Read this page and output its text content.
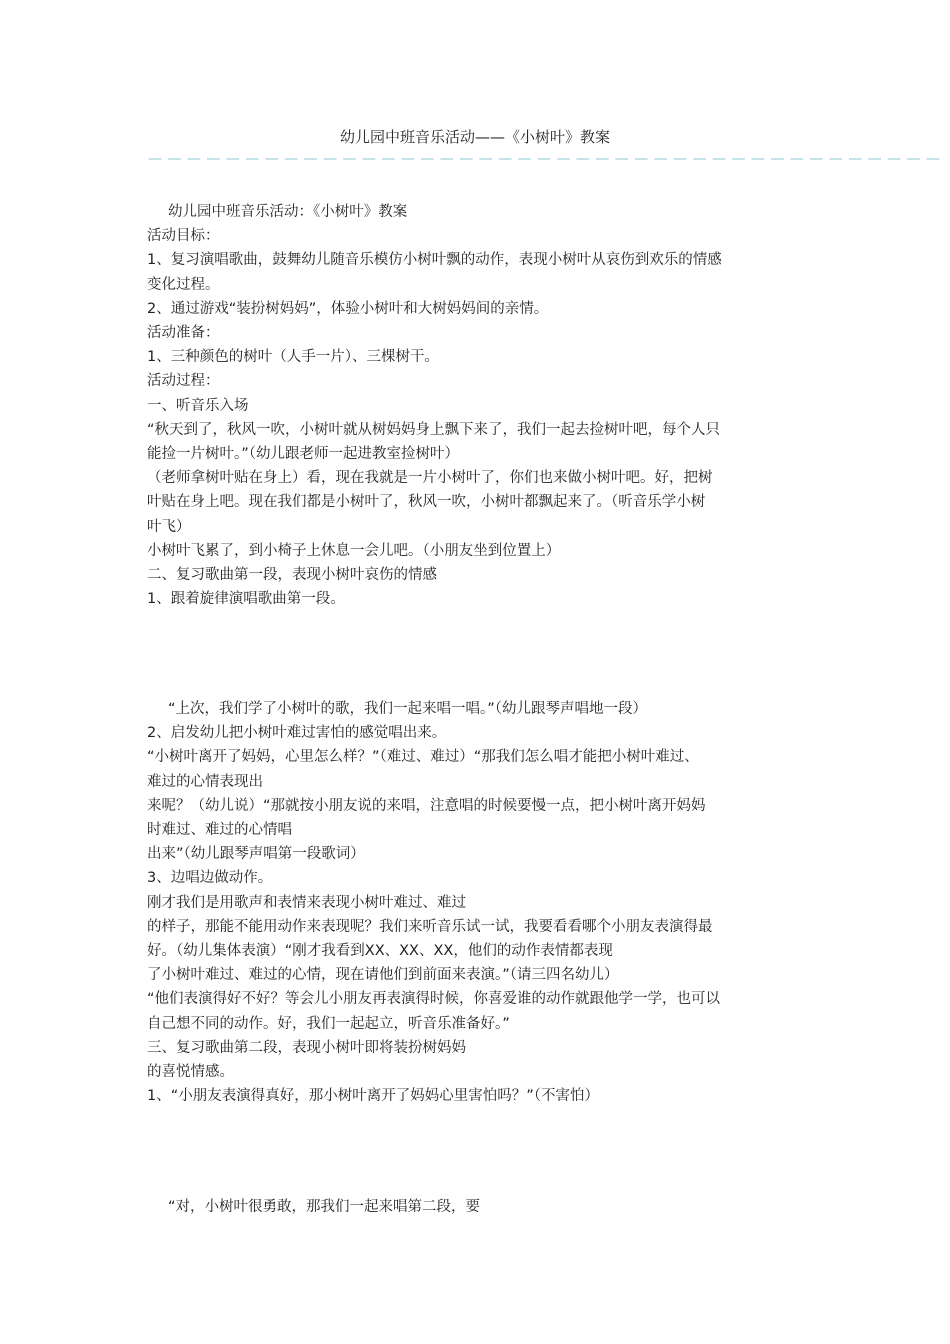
幼儿园中班音乐活动——《小树叶》教案
— — — — — — — — — — — — — — — — — — — — — — — — — — — — — — — — — — — — — — — — —
幼儿园中班音乐活动：《小树叶》教案
活动目标：
1、复习演唱歌曲，鼓舞幼儿随音乐模仿小树叶飘的动作，表现小树叶从哀伤到欢乐的情感
变化过程。
2、通过游戏“装扮树妈妈”，体验小树叶和大树妈妈间的亲情。
活动准备：
1、三种颜色的树叶（人手一片）、三棵树干。
活动过程：
一、听音乐入场
“秋天到了，秋风一吹，小树叶就从树妈妈身上飘下来了，我们一起去捡树叶吧，每个人只
能捡一片树叶。”（幼儿跟老师一起进教室捡树叶）
（老师拿树叶贴在身上）看，现在我就是一片小树叶了，你们也来做小树叶吧。好，把树
叶贴在身上吧。现在我们都是小树叶了，秋风一吹，小树叶都飘起来了。（听音乐学小树
叶飞）
小树叶飞累了，到小椅子上休息一会儿吧。（小朋友坐到位置上）
二、复习歌曲第一段，表现小树叶哀伤的情感
1、跟着旋律演唱歌曲第一段。
“上次，我们学了小树叶的歌，我们一起来唱一唱。”（幼儿跟琴声唱地一段）
2、启发幼儿把小树叶难过害怕的感觉唱出来。
“小树叶离开了妈妈，心里怎么样？”（难过、难过）“那我们怎么唱才能把小树叶难过、
难过的心情表现出
来呢？（幼儿说）“那就按小朋友说的来唱，注意唱的时候要慢一点，把小树叶离开妈妈
时难过、难过的心情唱
出来”（幼儿跟琴声唱第一段歌词）
3、边唱边做动作。
刚才我们是用歌声和表情来表现小树叶难过、难过
的样子，那能不能用动作来表现呢？我们来听音乐试一试，我要看看哪个小朋友表演得最
好。（幼儿集体表演）“刚才我看到XX、XX、XX，他们的动作表情都表现
了小树叶难过、难过的心情，现在请他们到前面来表演。”（请三四名幼儿）
“他们表演得好不好？等会儿小朋友再表演得时候，你喜爱谁的动作就跟他学一学，也可以
自己想不同的动作。好，我们一起起立，听音乐准备好。”
三、复习歌曲第二段，表现小树叶即将装扮树妈妈
的喜悦情感。
1、“小朋友表演得真好，那小树叶离开了妈妈心里害怕吗？”（不害怕）
“对，小树叶很勇敢，那我们一起来唱第二段，要
